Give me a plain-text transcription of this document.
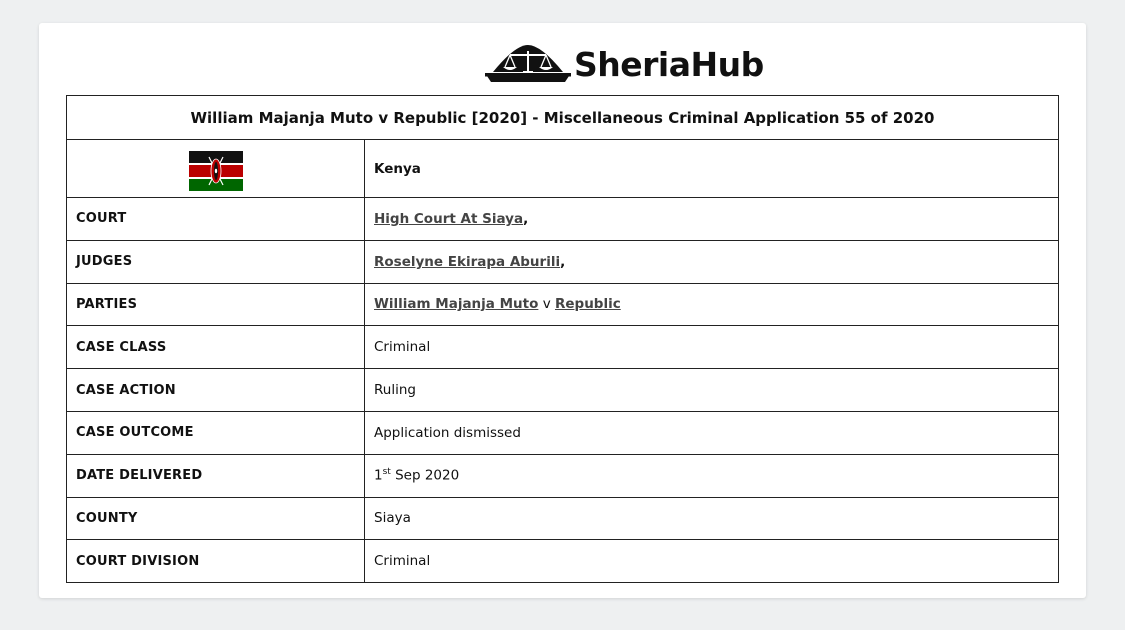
SheriaHub
William Majanja Muto v Republic [2020] - Miscellaneous Criminal Application 55 of 2020	
	Kenya
COURT	High Court At Siaya,
JUDGES	Roselyne Ekirapa Aburili,
PARTIES	William Majanja Muto v Republic
CASE CLASS	Criminal
CASE ACTION	Ruling
CASE OUTCOME	Application dismissed
DATE DELIVERED	1st Sep 2020
COUNTY	Siaya
COURT DIVISION	Criminal
